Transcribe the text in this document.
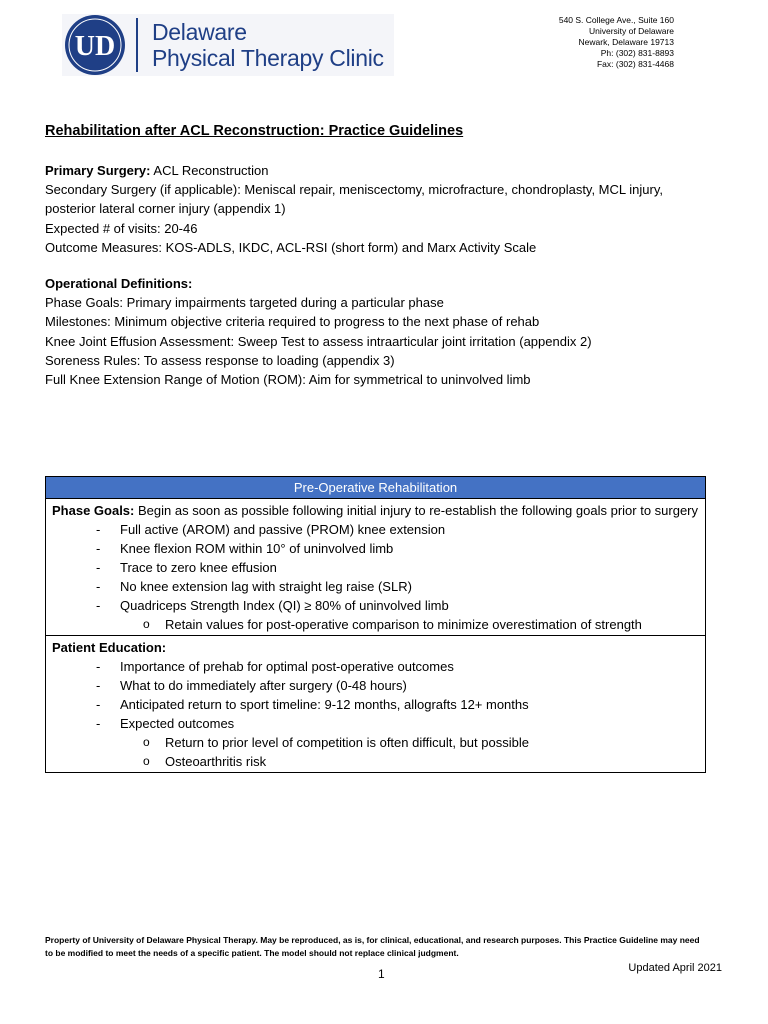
UD Delaware
Physical Therapy Clinic
540 S. College Ave., Suite 160
University of Delaware
Newark, Delaware 19713
Ph: (302) 831-8893
Fax: (302) 831-4468
Rehabilitation after ACL Reconstruction: Practice Guidelines

Primary Surgery: ACL Reconstruction

Secondary Surgery (if applicable): Meniscal repair, meniscectomy, microfracture, chondroplasty, MCL injury,

posterior lateral corner injury (appendix 1)

Expected # of visits: 20-46

Outcome Measures: KOS-ADLS, IKDC, ACL-RSI (short form) and Marx Activity Scale

Operational Definitions:

Phase Goals: Primary impairments targeted during a particular phase

Milestones: Minimum objective criteria required to progress to the next phase of rehab

Knee Joint Effusion Assessment: Sweep Test to assess intraarticular joint irritation (appendix 2)

Soreness Rules: To assess response to loading (appendix 3)

Full Knee Extension Range of Motion (ROM): Aim for symmetrical to uninvolved limb

Pre-Operative Rehabilitation
Phase Goals: Begin as soon as possible following initial injury to re-establish the following goals prior to surgery
- Full active (AROM) and passive (PROM) knee extension
- Knee flexion ROM within 10° of uninvolved limb
- Trace to zero knee effusion
- No knee extension lag with straight leg raise (SLR)
- Quadriceps Strength Index (QI) ≥ 80% of uninvolved limb
o Retain values for post-operative comparison to minimize overestimation of strength
Patient Education:
- Importance of prehab for optimal post-operative outcomes
- What to do immediately after surgery (0-48 hours)
- Anticipated return to sport timeline: 9-12 months, allografts 12+ months
- Expected outcomes
o Return to prior level of competition is often difficult, but possible
o Osteoarthritis risk
Property of University of Delaware Physical Therapy. May be reproduced, as is, for clinical, educational, and research purposes. This Practice Guideline may need to be modified to meet the needs of a specific patient. The model should not replace clinical judgment.
Updated April 2021
1
